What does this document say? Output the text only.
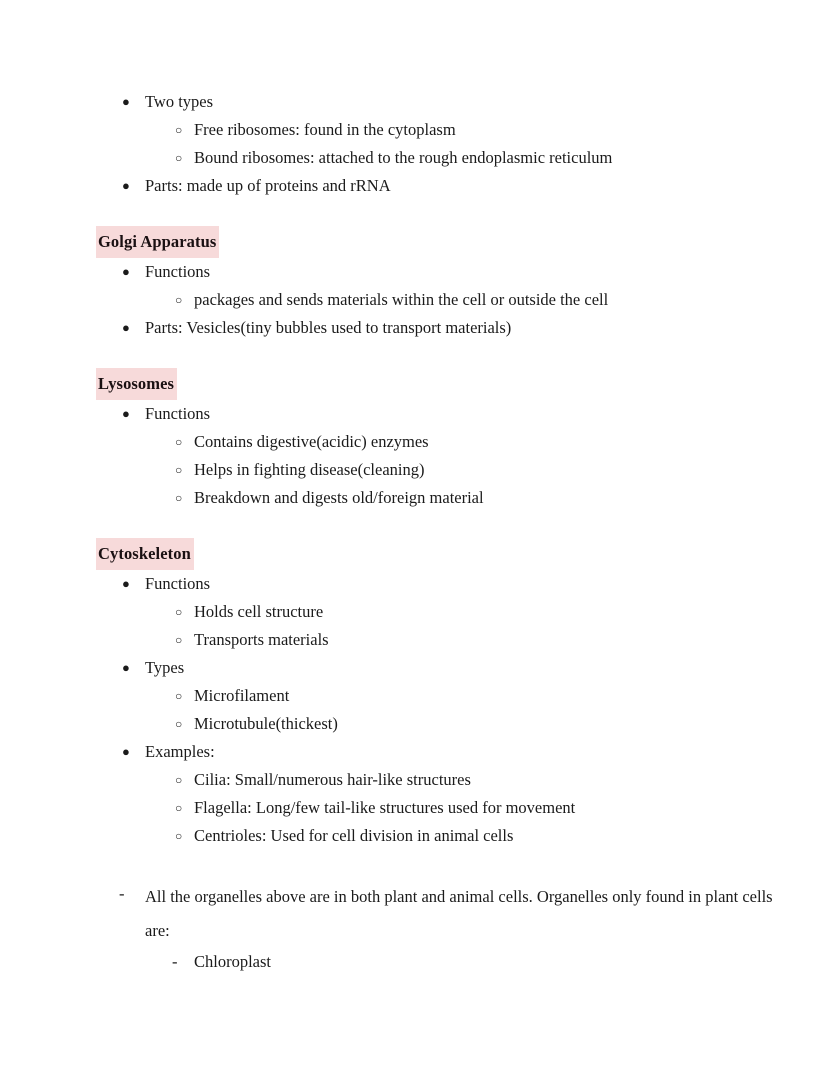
● Two types
○ Free ribosomes: found in the cytoplasm
○ Bound ribosomes: attached to the rough endoplasmic reticulum
● Parts: made up of proteins and rRNA
Golgi Apparatus
● Functions
○ packages and sends materials within the cell or outside the cell
● Parts: Vesicles(tiny bubbles used to transport materials)
Lysosomes
● Functions
○ Contains digestive(acidic) enzymes
○ Helps in fighting disease(cleaning)
○ Breakdown and digests old/foreign material
Cytoskeleton
● Functions
○ Holds cell structure
○ Transports materials
● Types
○ Microfilament
○ Microtubule(thickest)
● Examples:
○ Cilia: Small/numerous hair-like structures
○ Flagella: Long/few tail-like structures used for movement
○ Centrioles: Used for cell division in animal cells
- All the organelles above are in both plant and animal cells. Organelles only found in plant cells are:
- Chloroplast
